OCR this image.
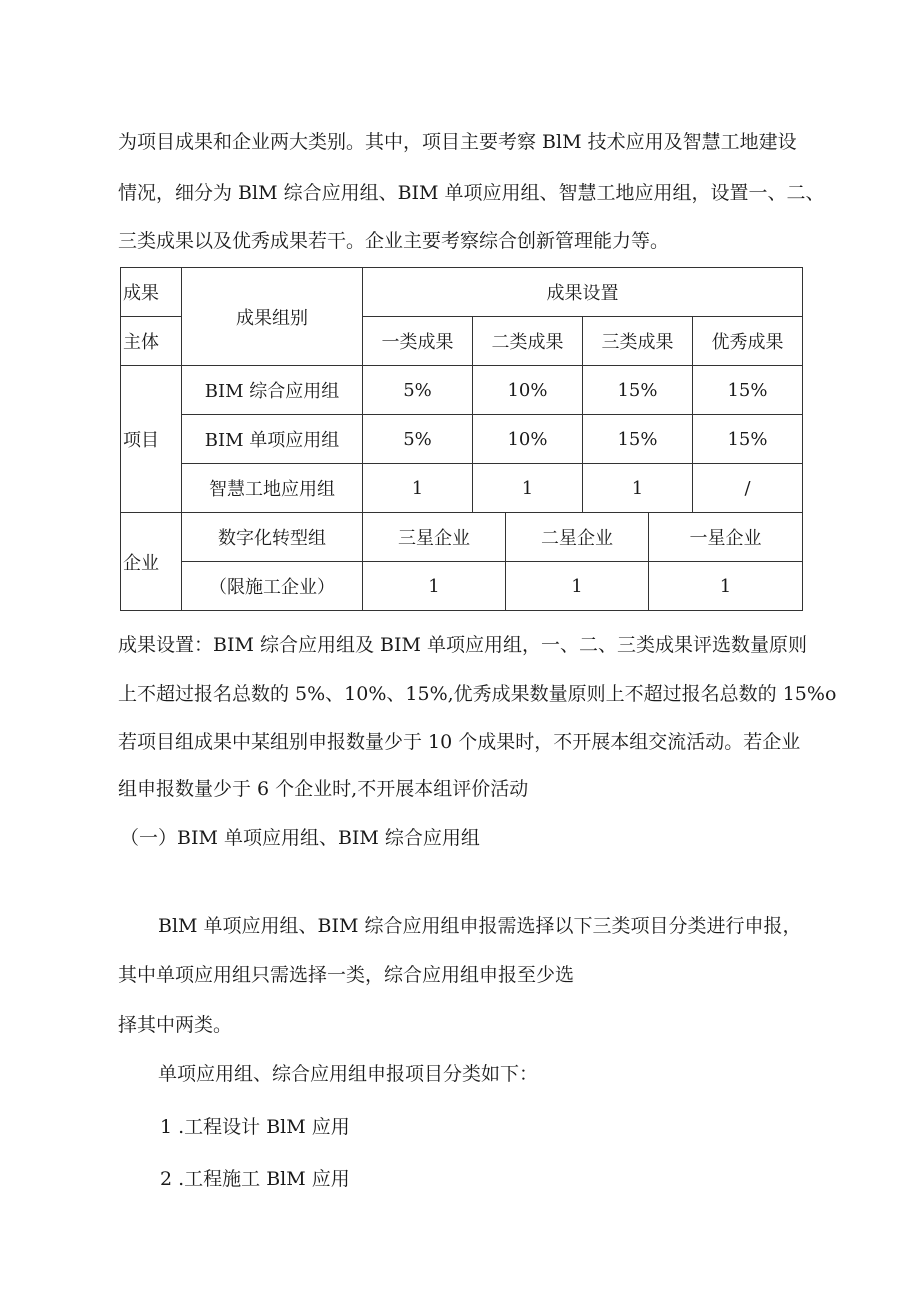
为项目成果和企业两大类别。其中，项目主要考察 BlM 技术应用及智慧工地建设
情况，细分为 BlM 综合应用组、BIM 单项应用组、智慧工地应用组，设置一、二、
三类成果以及优秀成果若干。企业主要考察综合创新管理能力等。
成果	成果组别	成果设置					
主体		一类成果	二类成果		三类成果		优秀成果
项目	BIM 综合应用组	5%	10%		15%		15%
	BIM 单项应用组	5%	10%		15%		15%
	智慧工地应用组	1	1		1		/
企业	数字化转型组	三星企业		二星企业		一星企业	
	（限施工企业）	1		1		1	
成果设置：BIM 综合应用组及 BIM 单项应用组，一、二、三类成果评选数量原则
上不超过报名总数的 5%、10%、15%,优秀成果数量原则上不超过报名总数的 15%o
若项目组成果中某组别申报数量少于 10 个成果时，不开展本组交流活动。若企业
组申报数量少于 6 个企业时,不开展本组评价活动
（一）BIM 单项应用组、BIM 综合应用组
BlM 单项应用组、BIM 综合应用组申报需选择以下三类项目分类进行申报，
其中单项应用组只需选择一类，综合应用组申报至少选
择其中两类。
单项应用组、综合应用组申报项目分类如下：
1 .工程设计 BlM 应用
2 .工程施工 BlM 应用
